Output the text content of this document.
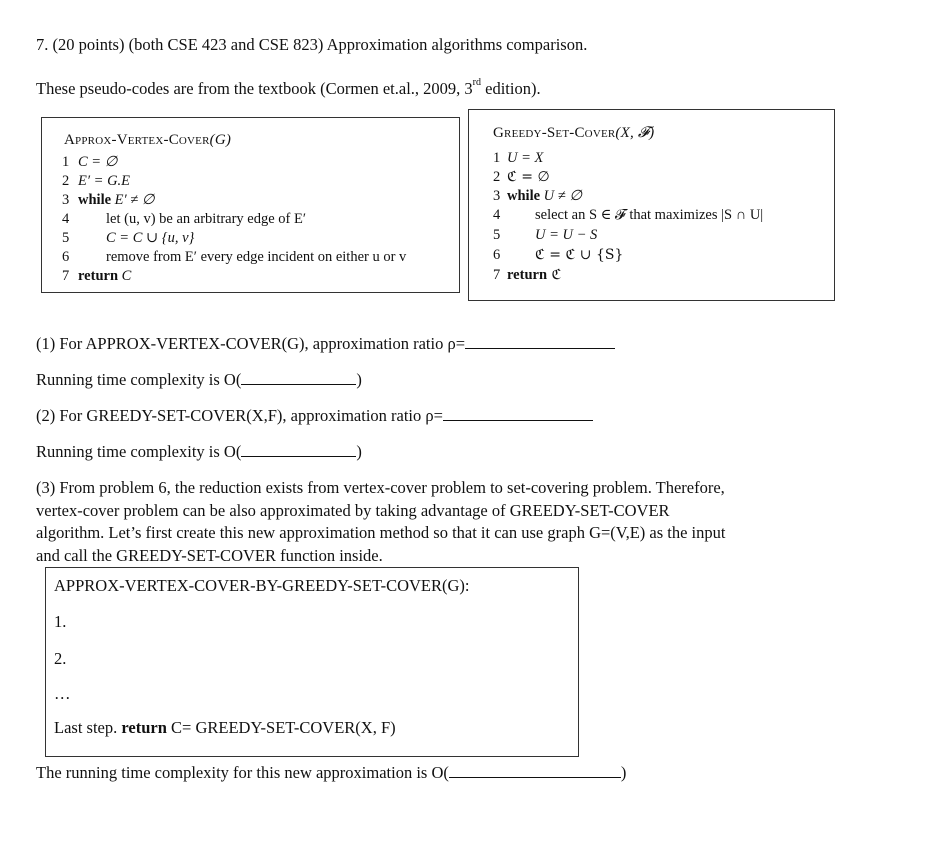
7. (20 points) (both CSE 423 and CSE 823) Approximation algorithms comparison.
These pseudo-codes are from the textbook (Cormen et.al., 2009, 3rd edition).
Approx-Vertex-Cover(G)
1 C = ∅
2 E′ = G.E
3 while E′ ≠ ∅
4	let (u, v) be an arbitrary edge of E′
5	C = C ∪ {u, v}
6	remove from E′ every edge incident on either u or v
7 return C
Greedy-Set-Cover(X, 𝓕)
1 U = X
2 ℭ = ∅
3 while U ≠ ∅
4	select an S ∈ 𝓕 that maximizes |S ∩ U|
5	U = U − S
6	ℭ = ℭ ∪ {S}
7 return ℭ
(1) For APPROX-VERTEX-COVER(G), approximation ratio ρ=
Running time complexity is O(	)
(2) For GREEDY-SET-COVER(X,F), approximation ratio ρ=
Running time complexity is O(	)
(3) From problem 6, the reduction exists from vertex-cover problem to set-covering problem. Therefore,
vertex-cover problem can be also approximated by taking advantage of GREEDY-SET-COVER
algorithm. Let’s first create this new approximation method so that it can use graph G=(V,E) as the input
and call the GREEDY-SET-COVER function inside.
APPROX-VERTEX-COVER-BY-GREEDY-SET-COVER(G):
1.
2.
…
Last step. return C= GREEDY-SET-COVER(X, F)
The running time complexity for this new approximation is O(	)
